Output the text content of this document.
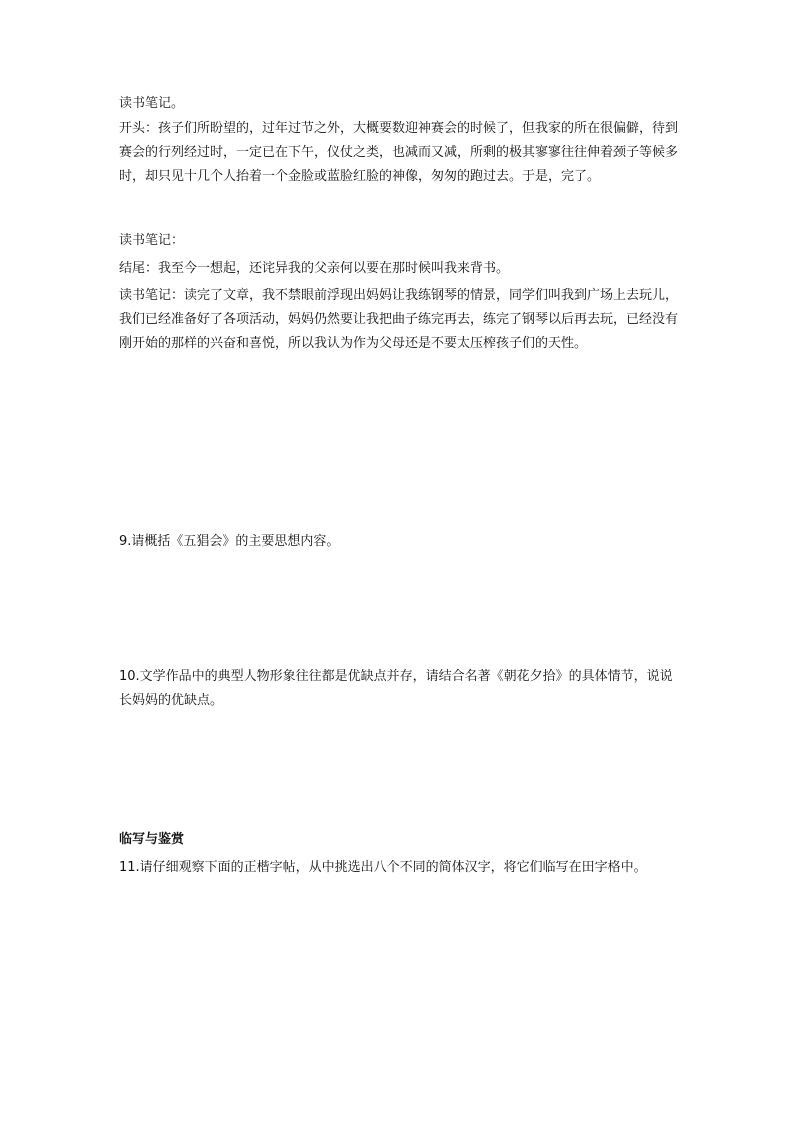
读书笔记。

开头：孩子们所盼望的，过年过节之外，大概要数迎神赛会的时候了，但我家的所在很偏僻，待到赛会的行列经过时，一定已在下午，仪仗之类，也减而又减，所剩的极其寥寥往往伸着颈子等候多时，却只见十几个人抬着一个金脸或蓝脸红脸的神像，匆匆的跑过去。于是，完了。

读书笔记：

结尾：我至今一想起，还诧异我的父亲何以要在那时候叫我来背书。

读书笔记：读完了文章，我不禁眼前浮现出妈妈让我练钢琴的情景，同学们叫我到广场上去玩儿，我们已经准备好了各项活动，妈妈仍然要让我把曲子练完再去，练完了钢琴以后再去玩，已经没有刚开始的那样的兴奋和喜悦，所以我认为作为父母还是不要太压榨孩子们的天性。

9.请概括《五猖会》的主要思想内容。

10.文学作品中的典型人物形象往往都是优缺点并存，请结合名著《朝花夕拾》的具体情节，说说长妈妈的优缺点。

临写与鉴赏

11.请仔细观察下面的正楷字帖，从中挑选出八个不同的简体汉字，将它们临写在田字格中。
